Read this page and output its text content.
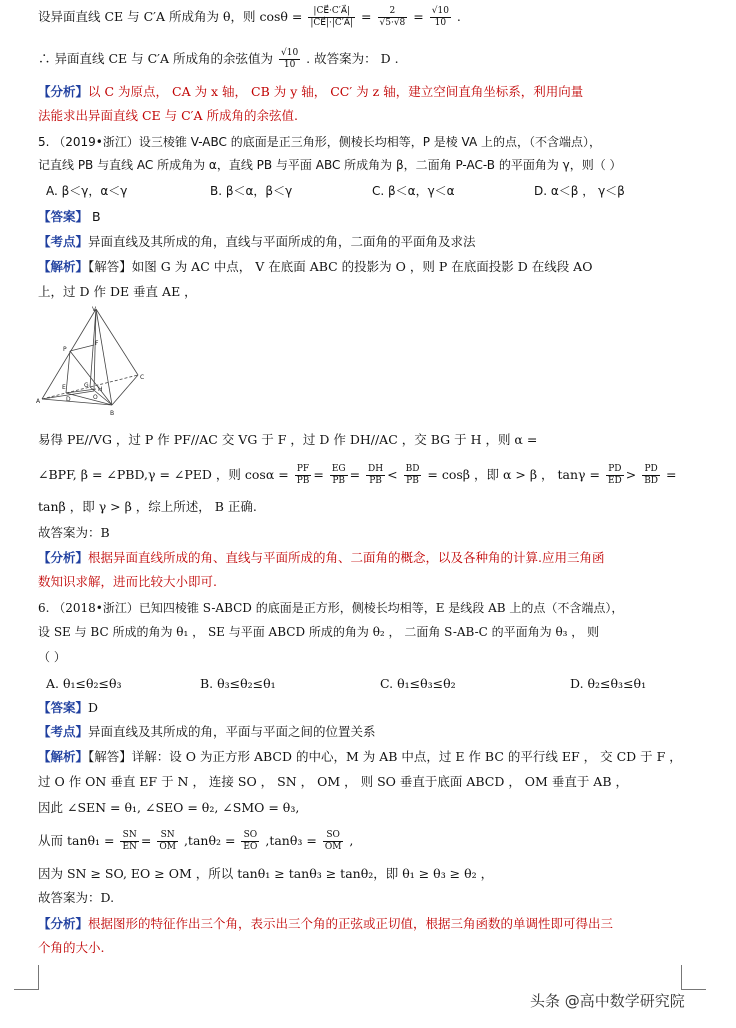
设异面直线 CE 与 C′A 所成角为 θ，则 $\cos\theta = \frac{|CE⃗\cdot C'A⃗|}{|CE⃗|\cdot|C'A⃗|} = \frac{2}{√5\cdot√8} = \frac{√10}{10}$ .
∴ 异面直线 CE 与 C′A 所成角的余弦值为 $\frac{√10}{10}$ . 故答案为： D .
【分析】以 C 为原点， CA 为 x 轴， CB 为 y 轴， CC′ 为 z 轴，建立空间直角坐标系，利用向量
法能求出异面直线 CE 与 C′A 所成角的余弦值.
5. （2019•浙江）设三棱锥 V-ABC 的底面是正三角形，侧棱长均相等，P 是棱 VA 上的点，（不含端点），
记直线 PB 与直线 AC 所成角为 α，直线 PB 与平面 ABC 所成角为 β，二面角 P-AC-B 的平面角为 γ，则（ ）
A. β＜γ，α＜γ	B. β＜α，β＜γ	C. β＜α，γ＜α	D. α＜β ， γ＜β
【答案】 B
【考点】异面直线及其所成的角，直线与平面所成的角，二面角的平面角及求法
【解析】【解答】如图 G 为 AC 中点， V 在底面 ABC 的投影为 O ，则 P 在底面投影 D 在线段 AO
上，过 D 作 DE 垂直 AE ，
V
A
B
C
P
F
G
E
D
H
O
易得 PE//VG ，过 P 作 PF//AC 交 VG 于 F ，过 D 作 DH//AC ，交 BG 于 H ，则 α =
∠BPF, β = ∠PBD,γ = ∠PED ，则 $\cos\alpha = \frac{PF}{PB} = \frac{EG}{PB} = \frac{DH}{PB} < \frac{BD}{PB} = \cos\beta$ ，即 α > β ， $\tan\gamma = \frac{PD}{ED} > \frac{PD}{BD}$ =
tanβ ，即 γ > β ，综上所述， B 正确.
故答案为：B
【分析】根据异面直线所成的角、直线与平面所成的角、二面角的概念，以及各种角的计算.应用三角函
数知识求解，进而比较大小即可.
6. （2018•浙江）已知四棱锥 S-ABCD 的底面是正方形，侧棱长均相等，E 是线段 AB 上的点（不含端点），
设 SE 与 BC 所成的角为 θ₁ ， SE 与平面 ABCD 所成的角为 θ₂ ， 二面角 S-AB-C 的平面角为 θ₃ ， 则
（ ）
A. θ₁≤θ₂≤θ₃	B. θ₃≤θ₂≤θ₁	C. θ₁≤θ₃≤θ₂	D. θ₂≤θ₃≤θ₁
【答案】D
【考点】异面直线及其所成的角，平面与平面之间的位置关系
【解析】【解答】详解：设 O 为正方形 ABCD 的中心，M 为 AB 中点，过 E 作 BC 的平行线 EF ， 交 CD 于 F ，
过 O 作 ON 垂直 EF 于 N ， 连接 SO ， SN ， OM ， 则 SO 垂直于底面 ABCD ， OM 垂直于 AB ，
因此 ∠SEN = θ₁, ∠SEO = θ₂, ∠SMO = θ₃,
从而 $\tan\theta_1 = \frac{SN}{EN} = \frac{SN}{OM} ,\tan\theta_2 = \frac{SO}{EO} ,\tan\theta_3 = \frac{SO}{OM}$ ,
因为 SN ≥ SO, EO ≥ OM ，所以 tanθ₁ ≥ tanθ₃ ≥ tanθ₂，即 θ₁ ≥ θ₃ ≥ θ₂ ，
故答案为：D.
【分析】根据图形的特征作出三个角，表示出三个角的正弦或正切值，根据三角函数的单调性即可得出三
个角的大小.
头条 @高中数学研究院
